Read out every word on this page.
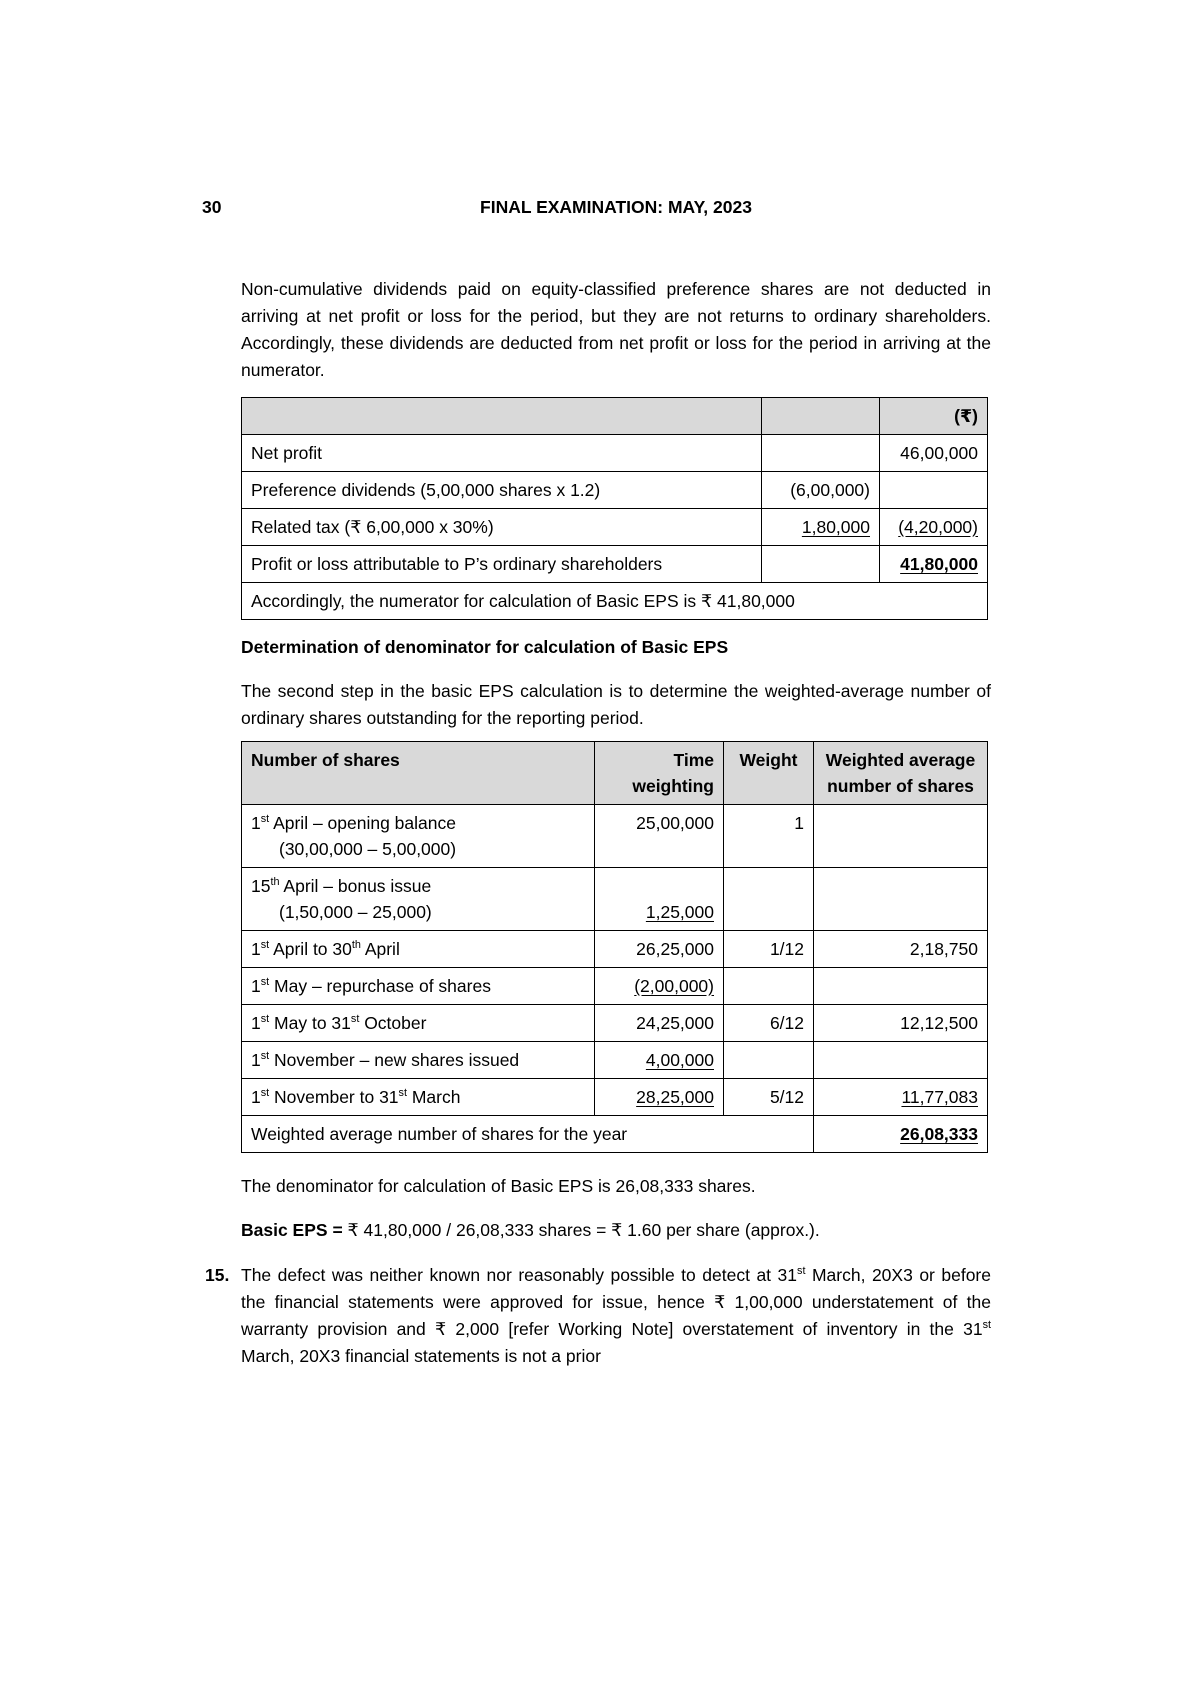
30	FINAL EXAMINATION: MAY, 2023

Non-cumulative dividends paid on equity-classified preference shares are not deducted in arriving at net profit or loss for the period, but they are not returns to ordinary shareholders. Accordingly, these dividends are deducted from net profit or loss for the period in arriving at the numerator.

		(₹)
Net profit		46,00,000
Preference dividends (5,00,000 shares x 1.2)	(6,00,000)	
Related tax (₹ 6,00,000 x 30%)	1,80,000	(4,20,000)
Profit or loss attributable to P’s ordinary shareholders		41,80,000
Accordingly, the numerator for calculation of Basic EPS is ₹ 41,80,000		
Determination of denominator for calculation of Basic EPS

The second step in the basic EPS calculation is to determine the weighted-average number of ordinary shares outstanding for the reporting period.

Number of shares	Time weighting	Weight	Weighted average number of shares
1st April – opening balance
(30,00,000 – 5,00,000)	25,00,000	1	
15th April – bonus issue
(1,50,000 – 25,000)	1,25,000		
1st April to 30th April	26,25,000	1/12	2,18,750
1st May – repurchase of shares	(2,00,000)		
1st May to 31st October	24,25,000	6/12	12,12,500
1st November – new shares issued	4,00,000		
1st November to 31st March	28,25,000	5/12	11,77,083
Weighted average number of shares for the year			26,08,333

The denominator for calculation of Basic EPS is 26,08,333 shares.

Basic EPS = ₹ 41,80,000 / 26,08,333 shares = ₹ 1.60 per share (approx.).

15. The defect was neither known nor reasonably possible to detect at 31st March, 20X3 or before the financial statements were approved for issue, hence ₹ 1,00,000 understatement of the warranty provision and ₹ 2,000 [refer Working Note] overstatement of inventory in the 31st March, 20X3 financial statements is not a prior
